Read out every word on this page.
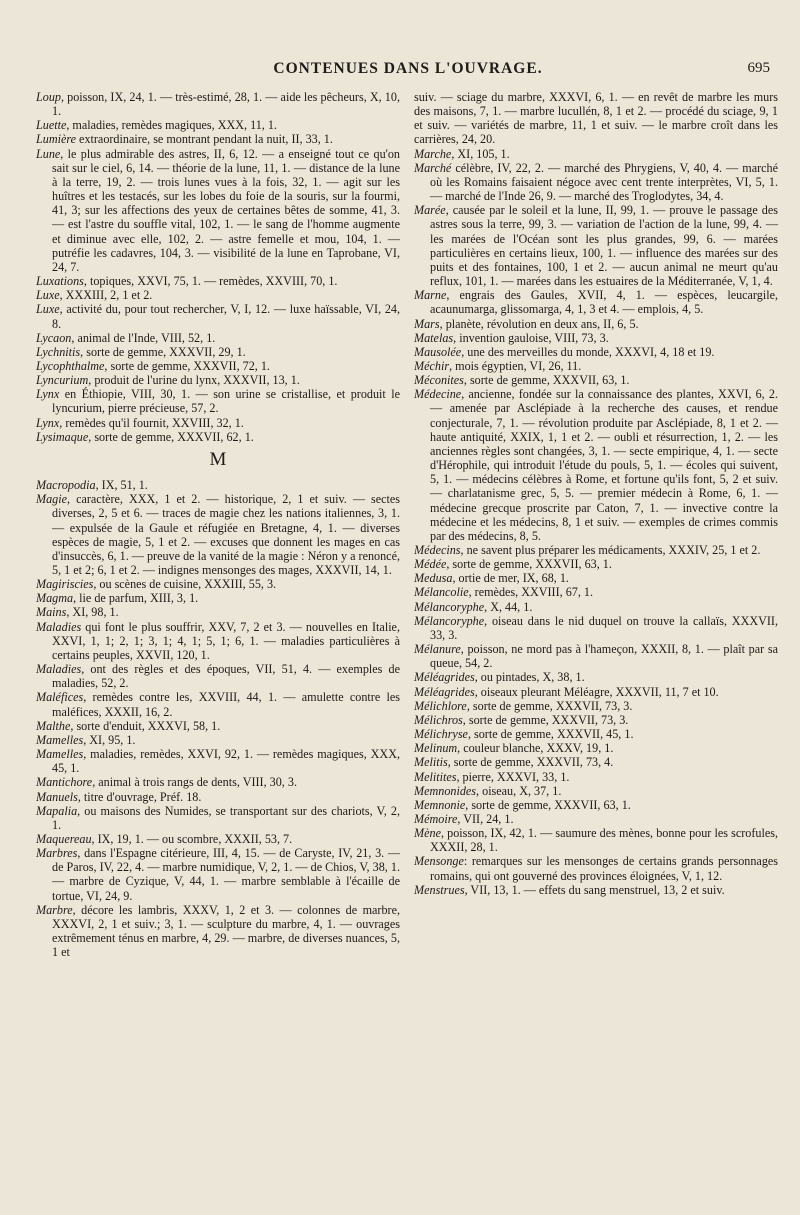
CONTENUES DANS L'OUVRAGE.	695

Loup, poisson, IX, 24, 1. — très-estimé, 28, 1. — aide les pêcheurs, X, 10, 1.

Luette, maladies, remèdes magiques, XXX, 11, 1.

Lumière extraordinaire, se montrant pendant la nuit, II, 33, 1.

Lune, le plus admirable des astres, II, 6, 12. — a enseigné tout ce qu'on sait sur le ciel, 6, 14. — théorie de la lune, 11, 1. — distance de la lune à la terre, 19, 2. — trois lunes vues à la fois, 32, 1. — agit sur les huîtres et les testacés, sur les lobes du foie de la souris, sur la fourmi, 41, 3; sur les affections des yeux de certaines bêtes de somme, 41, 3. — est l'astre du souffle vital, 102, 1. — le sang de l'homme augmente et diminue avec elle, 102, 2. — astre femelle et mou, 104, 1. — putréfie les cadavres, 104, 3. — visibilité de la lune en Taprobane, VI, 24, 7.

Luxations, topiques, XXVI, 75, 1. — remèdes, XXVIII, 70, 1.

Luxe, XXXIII, 2, 1 et 2.

Luxe, activité du, pour tout rechercher, V, I, 12. — luxe haïssable, VI, 24, 8.

Lycaon, animal de l'Inde, VIII, 52, 1.

Lychnitis, sorte de gemme, XXXVII, 29, 1.

Lycophthalme, sorte de gemme, XXXVII, 72, 1.

Lyncurium, produit de l'urine du lynx, XXXVII, 13, 1.

Lynx en Éthiopie, VIII, 30, 1. — son urine se cristallise, et produit le lyncurium, pierre précieuse, 57, 2.

Lynx, remèdes qu'il fournit, XXVIII, 32, 1.

Lysimaque, sorte de gemme, XXXVII, 62, 1.

M

Macropodia, IX, 51, 1.

Magie, caractère, XXX, 1 et 2. — historique, 2, 1 et suiv. — sectes diverses, 2, 5 et 6. — traces de magie chez les nations italiennes, 3, 1. — expulsée de la Gaule et réfugiée en Bretagne, 4, 1. — diverses espèces de magie, 5, 1 et 2. — excuses que donnent les mages en cas d'insuccès, 6, 1. — preuve de la vanité de la magie : Néron y a renoncé, 5, 1 et 2; 6, 1 et 2. — indignes mensonges des mages, XXXVII, 14, 1.

Magiriscies, ou scènes de cuisine, XXXIII, 55, 3.

Magma, lie de parfum, XIII, 3, 1.

Mains, XI, 98, 1.

Maladies qui font le plus souffrir, XXV, 7, 2 et 3. — nouvelles en Italie, XXVI, 1, 1; 2, 1; 3, 1; 4, 1; 5, 1; 6, 1. — maladies particulières à certains peuples, XXVII, 120, 1.

Maladies, ont des règles et des époques, VII, 51, 4. — exemples de maladies, 52, 2.

Maléfices, remèdes contre les, XXVIII, 44, 1. — amulette contre les maléfices, XXXII, 16, 2.

Malthe, sorte d'enduit, XXXVI, 58, 1.

Mamelles, XI, 95, 1.

Mamelles, maladies, remèdes, XXVI, 92, 1. — remèdes magiques, XXX, 45, 1.

Mantichore, animal à trois rangs de dents, VIII, 30, 3.

Manuels, titre d'ouvrage, Préf. 18.

Mapalia, ou maisons des Numides, se transportant sur des chariots, V, 2, 1.

Maquereau, IX, 19, 1. — ou scombre, XXXII, 53, 7.

Marbres, dans l'Espagne citérieure, III, 4, 15. — de Caryste, IV, 21, 3. — de Paros, IV, 22, 4. — marbre numidique, V, 2, 1. — de Chios, V, 38, 1. — marbre de Cyzique, V, 44, 1. — marbre semblable à l'écaille de tortue, VI, 24, 9.

Marbre, décore les lambris, XXXV, 1, 2 et 3. — colonnes de marbre, XXXVI, 2, 1 et suiv.; 3, 1. — sculpture du marbre, 4, 1. — ouvrages extrêmement ténus en marbre, 4, 29. — marbre, de diverses nuances, 5, 1 et

suiv. — sciage du marbre, XXXVI, 6, 1. — en revêt de marbre les murs des maisons, 7, 1. — marbre lucullén, 8, 1 et 2. — procédé du sciage, 9, 1 et suiv. — variétés de marbre, 11, 1 et suiv. — le marbre croît dans les carrières, 24, 20.

Marche, XI, 105, 1.

Marché célèbre, IV, 22, 2. — marché des Phrygiens, V, 40, 4. — marché où les Romains faisaient négoce avec cent trente interprètes, VI, 5, 1. — marché de l'Inde 26, 9. — marché des Troglodytes, 34, 4.

Marée, causée par le soleil et la lune, II, 99, 1. — prouve le passage des astres sous la terre, 99, 3. — variation de l'action de la lune, 99, 4. — les marées de l'Océan sont les plus grandes, 99, 6. — marées particulières en certains lieux, 100, 1. — influence des marées sur des puits et des fontaines, 100, 1 et 2. — aucun animal ne meurt qu'au reflux, 101, 1. — marées dans les estuaires de la Méditerranée, V, 1, 4.

Marne, engrais des Gaules, XVII, 4, 1. — espèces, leucargile, acaunumarga, glissomarga, 4, 1, 3 et 4. — emplois, 4, 5.

Mars, planète, révolution en deux ans, II, 6, 5.

Matelas, invention gauloise, VIII, 73, 3.

Mausolée, une des merveilles du monde, XXXVI, 4, 18 et 19.

Méchir, mois égyptien, VI, 26, 11.

Méconites, sorte de gemme, XXXVII, 63, 1.

Médecine, ancienne, fondée sur la connaissance des plantes, XXVI, 6, 2. — amenée par Asclépiade à la recherche des causes, et rendue conjecturale, 7, 1. — révolution produite par Asclépiade, 8, 1 et 2. — haute antiquité, XXIX, 1, 1 et 2. — oubli et résurrection, 1, 2. — les anciennes règles sont changées, 3, 1. — secte empirique, 4, 1. — secte d'Hérophile, qui introduit l'étude du pouls, 5, 1. — écoles qui suivent, 5, 1. — médecins célèbres à Rome, et fortune qu'ils font, 5, 2 et suiv. — charlatanisme grec, 5, 5. — premier médecin à Rome, 6, 1. — médecine grecque proscrite par Caton, 7, 1. — invective contre la médecine et les médecins, 8, 1 et suiv. — exemples de crimes commis par des médecins, 8, 5.

Médecins, ne savent plus préparer les médicaments, XXXIV, 25, 1 et 2.

Médée, sorte de gemme, XXXVII, 63, 1.

Medusa, ortie de mer, IX, 68, 1.

Mélancolie, remèdes, XXVIII, 67, 1.

Mélancoryphe, X, 44, 1.

Mélancoryphe, oiseau dans le nid duquel on trouve la callaïs, XXXVII, 33, 3.

Mélanure, poisson, ne mord pas à l'hameçon, XXXII, 8, 1. — plaît par sa queue, 54, 2.

Méléagrides, ou pintades, X, 38, 1.

Méléagrides, oiseaux pleurant Méléagre, XXXVII, 11, 7 et 10.

Mélichlore, sorte de gemme, XXXVII, 73, 3.

Mélichros, sorte de gemme, XXXVII, 73, 3.

Mélichryse, sorte de gemme, XXXVII, 45, 1.

Melinum, couleur blanche, XXXV, 19, 1.

Melitis, sorte de gemme, XXXVII, 73, 4.

Melitites, pierre, XXXVI, 33, 1.

Memnonides, oiseau, X, 37, 1.

Memnonie, sorte de gemme, XXXVII, 63, 1.

Mémoire, VII, 24, 1.

Mène, poisson, IX, 42, 1. — saumure des mènes, bonne pour les scrofules, XXXII, 28, 1.

Mensonge: remarques sur les mensonges de certains grands personnages romains, qui ont gouverné des provinces éloignées, V, 1, 12.

Menstrues, VII, 13, 1. — effets du sang menstruel, 13, 2 et suiv.
